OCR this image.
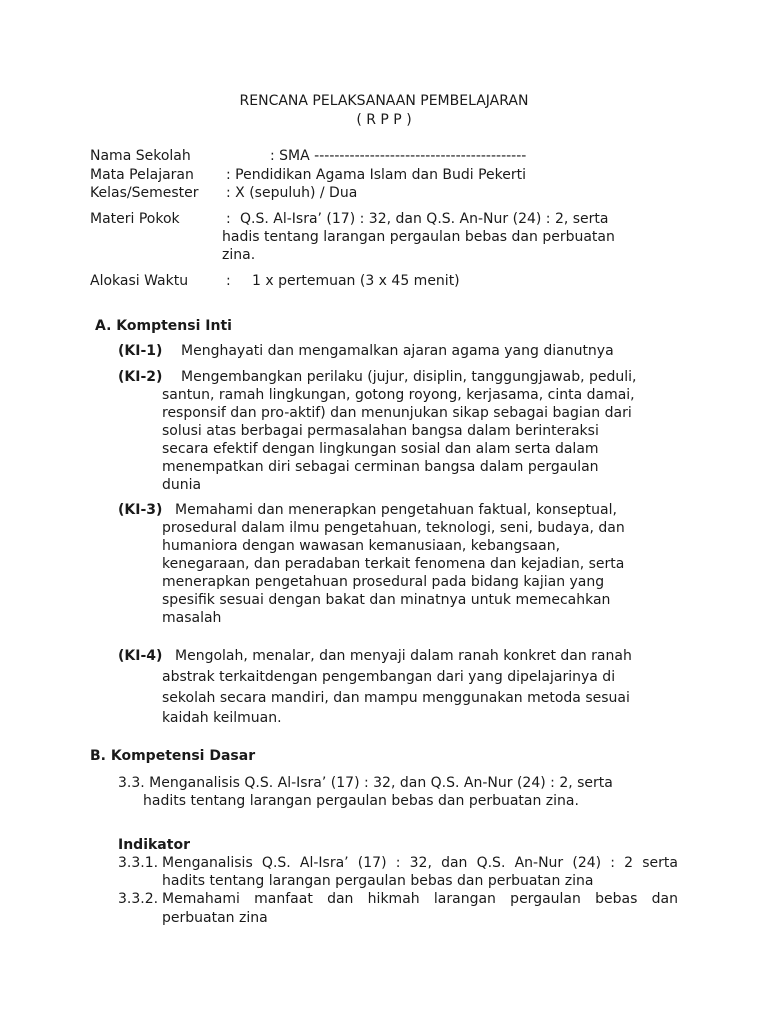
RENCANA PELAKSANAAN PEMBELAJARAN
( R P P )
Nama Sekolah	: SMA ------------------------------------------
Mata Pelajaran : Pendidikan Agama Islam dan Budi Pekerti
Kelas/Semester : X (sepuluh) / Dua
Materi Pokok	: Q.S. Al-Isra’ (17) : 32, dan Q.S. An-Nur (24) : 2, serta
hadis tentang larangan pergaulan bebas dan perbuatan
zina.
Alokasi Waktu	: 1 x pertemuan (3 x 45 menit)
A. Komptensi Inti
(KI-1) Menghayati dan mengamalkan ajaran agama yang dianutnya
(KI-2) Mengembangkan perilaku (jujur, disiplin, tanggungjawab, peduli,
santun, ramah lingkungan, gotong royong, kerjasama, cinta damai,
responsif dan pro-aktif) dan menunjukan sikap sebagai bagian dari
solusi atas berbagai permasalahan bangsa dalam berinteraksi
secara efektif dengan lingkungan sosial dan alam serta dalam
menempatkan diri sebagai cerminan bangsa dalam pergaulan
dunia
(KI-3) Memahami dan menerapkan pengetahuan faktual, konseptual,
prosedural dalam ilmu pengetahuan, teknologi, seni, budaya, dan
humaniora dengan wawasan kemanusiaan, kebangsaan,
kenegaraan, dan peradaban terkait fenomena dan kejadian, serta
menerapkan pengetahuan prosedural pada bidang kajian yang
spesifik sesuai dengan bakat dan minatnya untuk memecahkan
masalah
(KI-4) Mengolah, menalar, dan menyaji dalam ranah konkret dan ranah
abstrak terkaitdengan pengembangan dari yang dipelajarinya di
sekolah secara mandiri, dan mampu menggunakan metoda sesuai
kaidah keilmuan.
B. Kompetensi Dasar
3.3. Menganalisis Q.S. Al-Isra’ (17) : 32, dan Q.S. An-Nur (24) : 2, serta
hadits tentang larangan pergaulan bebas dan perbuatan zina.
Indikator
3.3.1. Menganalisis Q.S. Al-Isra’ (17) : 32, dan Q.S. An-Nur (24) : 2 serta
hadits tentang larangan pergaulan bebas dan perbuatan zina
3.3.2. Memahami manfaat dan hikmah larangan pergaulan bebas dan
perbuatan zina
